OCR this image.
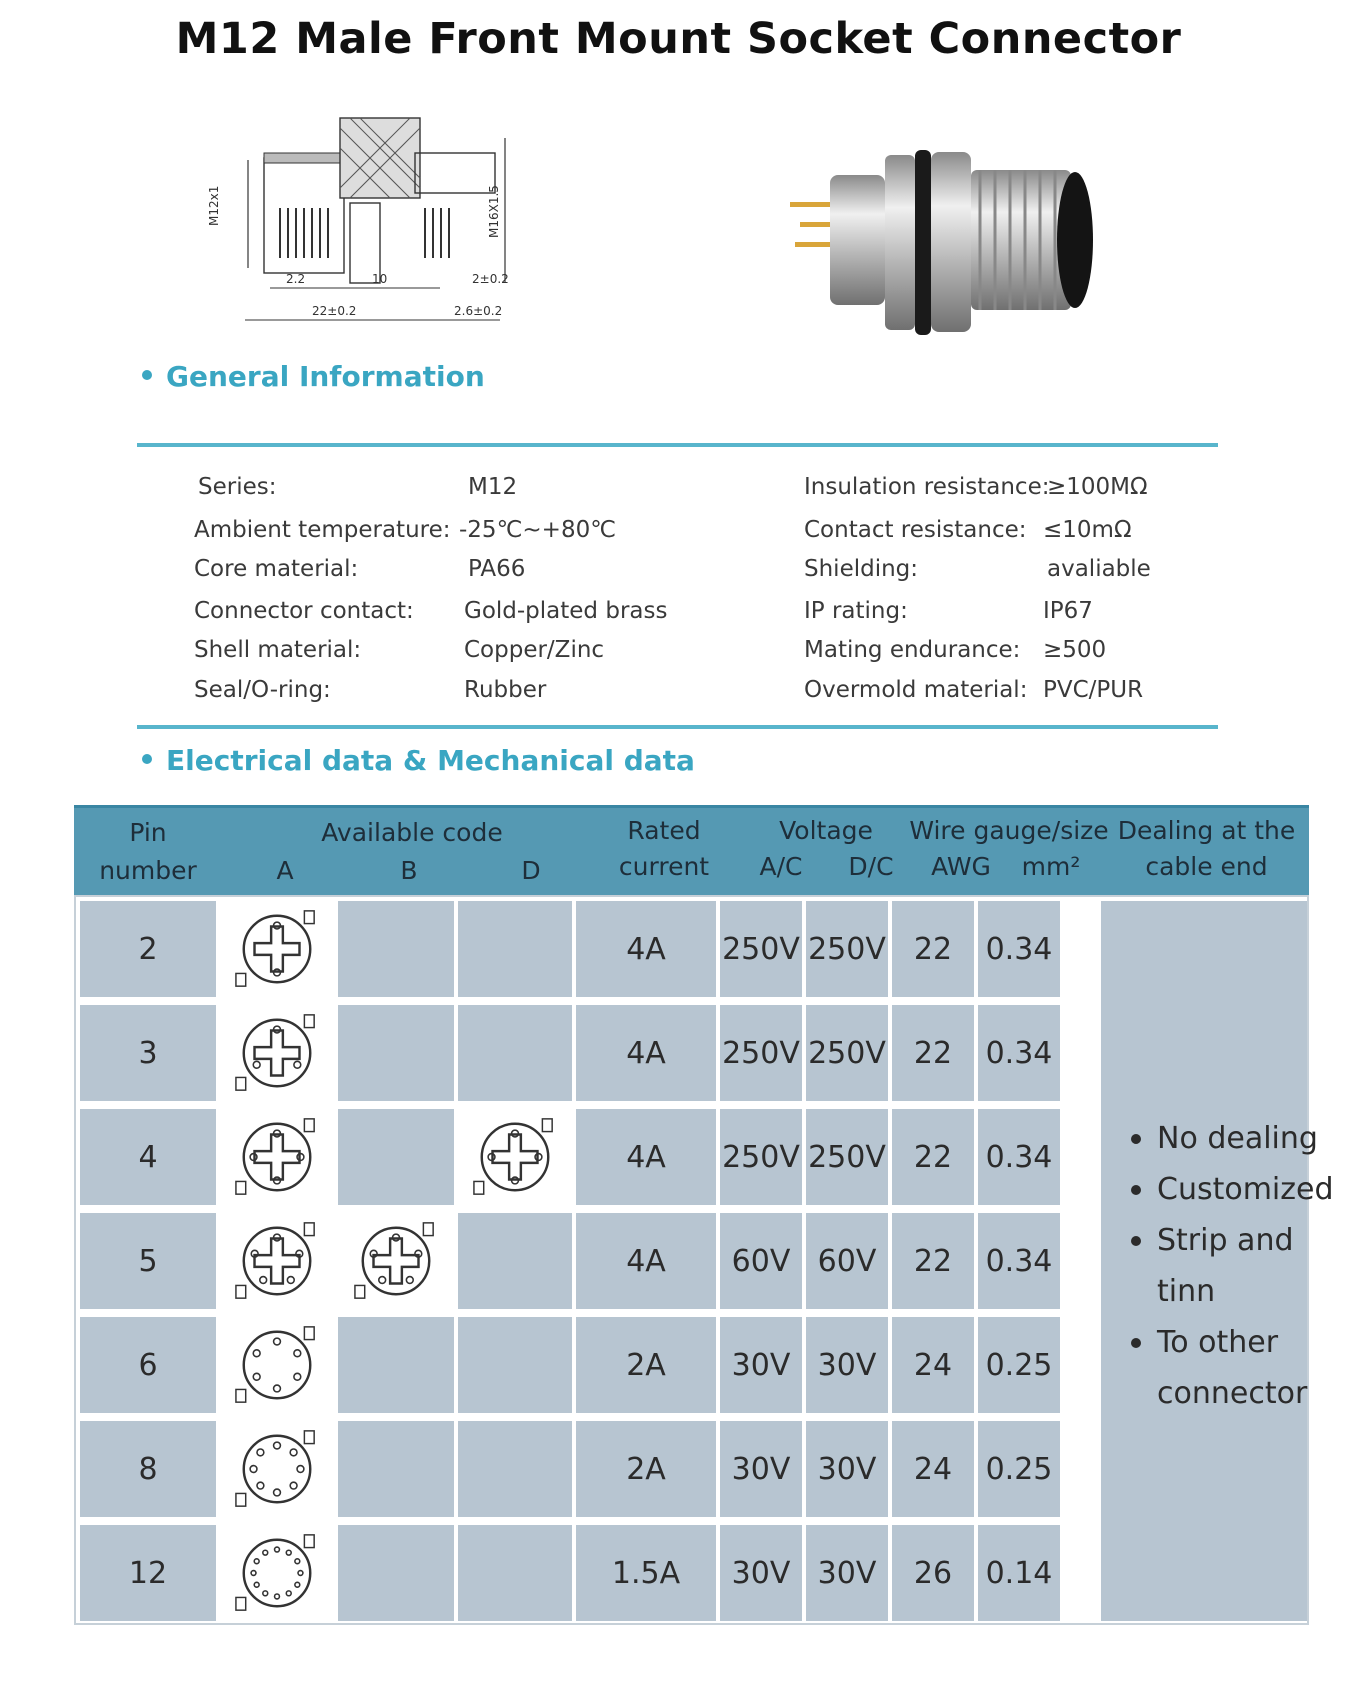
M12 Male Front Mount Socket Connector
M12x1	M16X1.5
2.2	10	2±0.2
22±0.2	2.6±0.2
General Information
Series:	M12
Ambient temperature: -25℃~+80℃
Core material:	PA66
Connector contact: Gold-plated brass
Shell material:	Copper/Zinc
Seal/O-ring:	Rubber
Insulation resistance:
≥100MΩ
Contact resistance: ≤10mΩ
Shielding:	avaliable
IP rating:	IP67
Mating endurance: ≥500
Overmold material: PVC/PUR
Electrical data & Mechanical data
Pin
number
Available code
A	B	D
Rated
current
Voltage
A/C	D/C
Wire gauge/size
AWG	mm²
Dealing at the
cable end
No dealing
Customized
Strip and
tinn
To other
connector
2	4A	250V 250V 22	0.34
3	4A	250V 250V 22	0.34
4	4A	250V 250V 22	0.34
5	4A	60V 60V	22	0.34
6	2A	30V 30V	24	0.25
8	2A	30V 30V	24	0.25
12	1.5A	30V 30V	26	0.14
